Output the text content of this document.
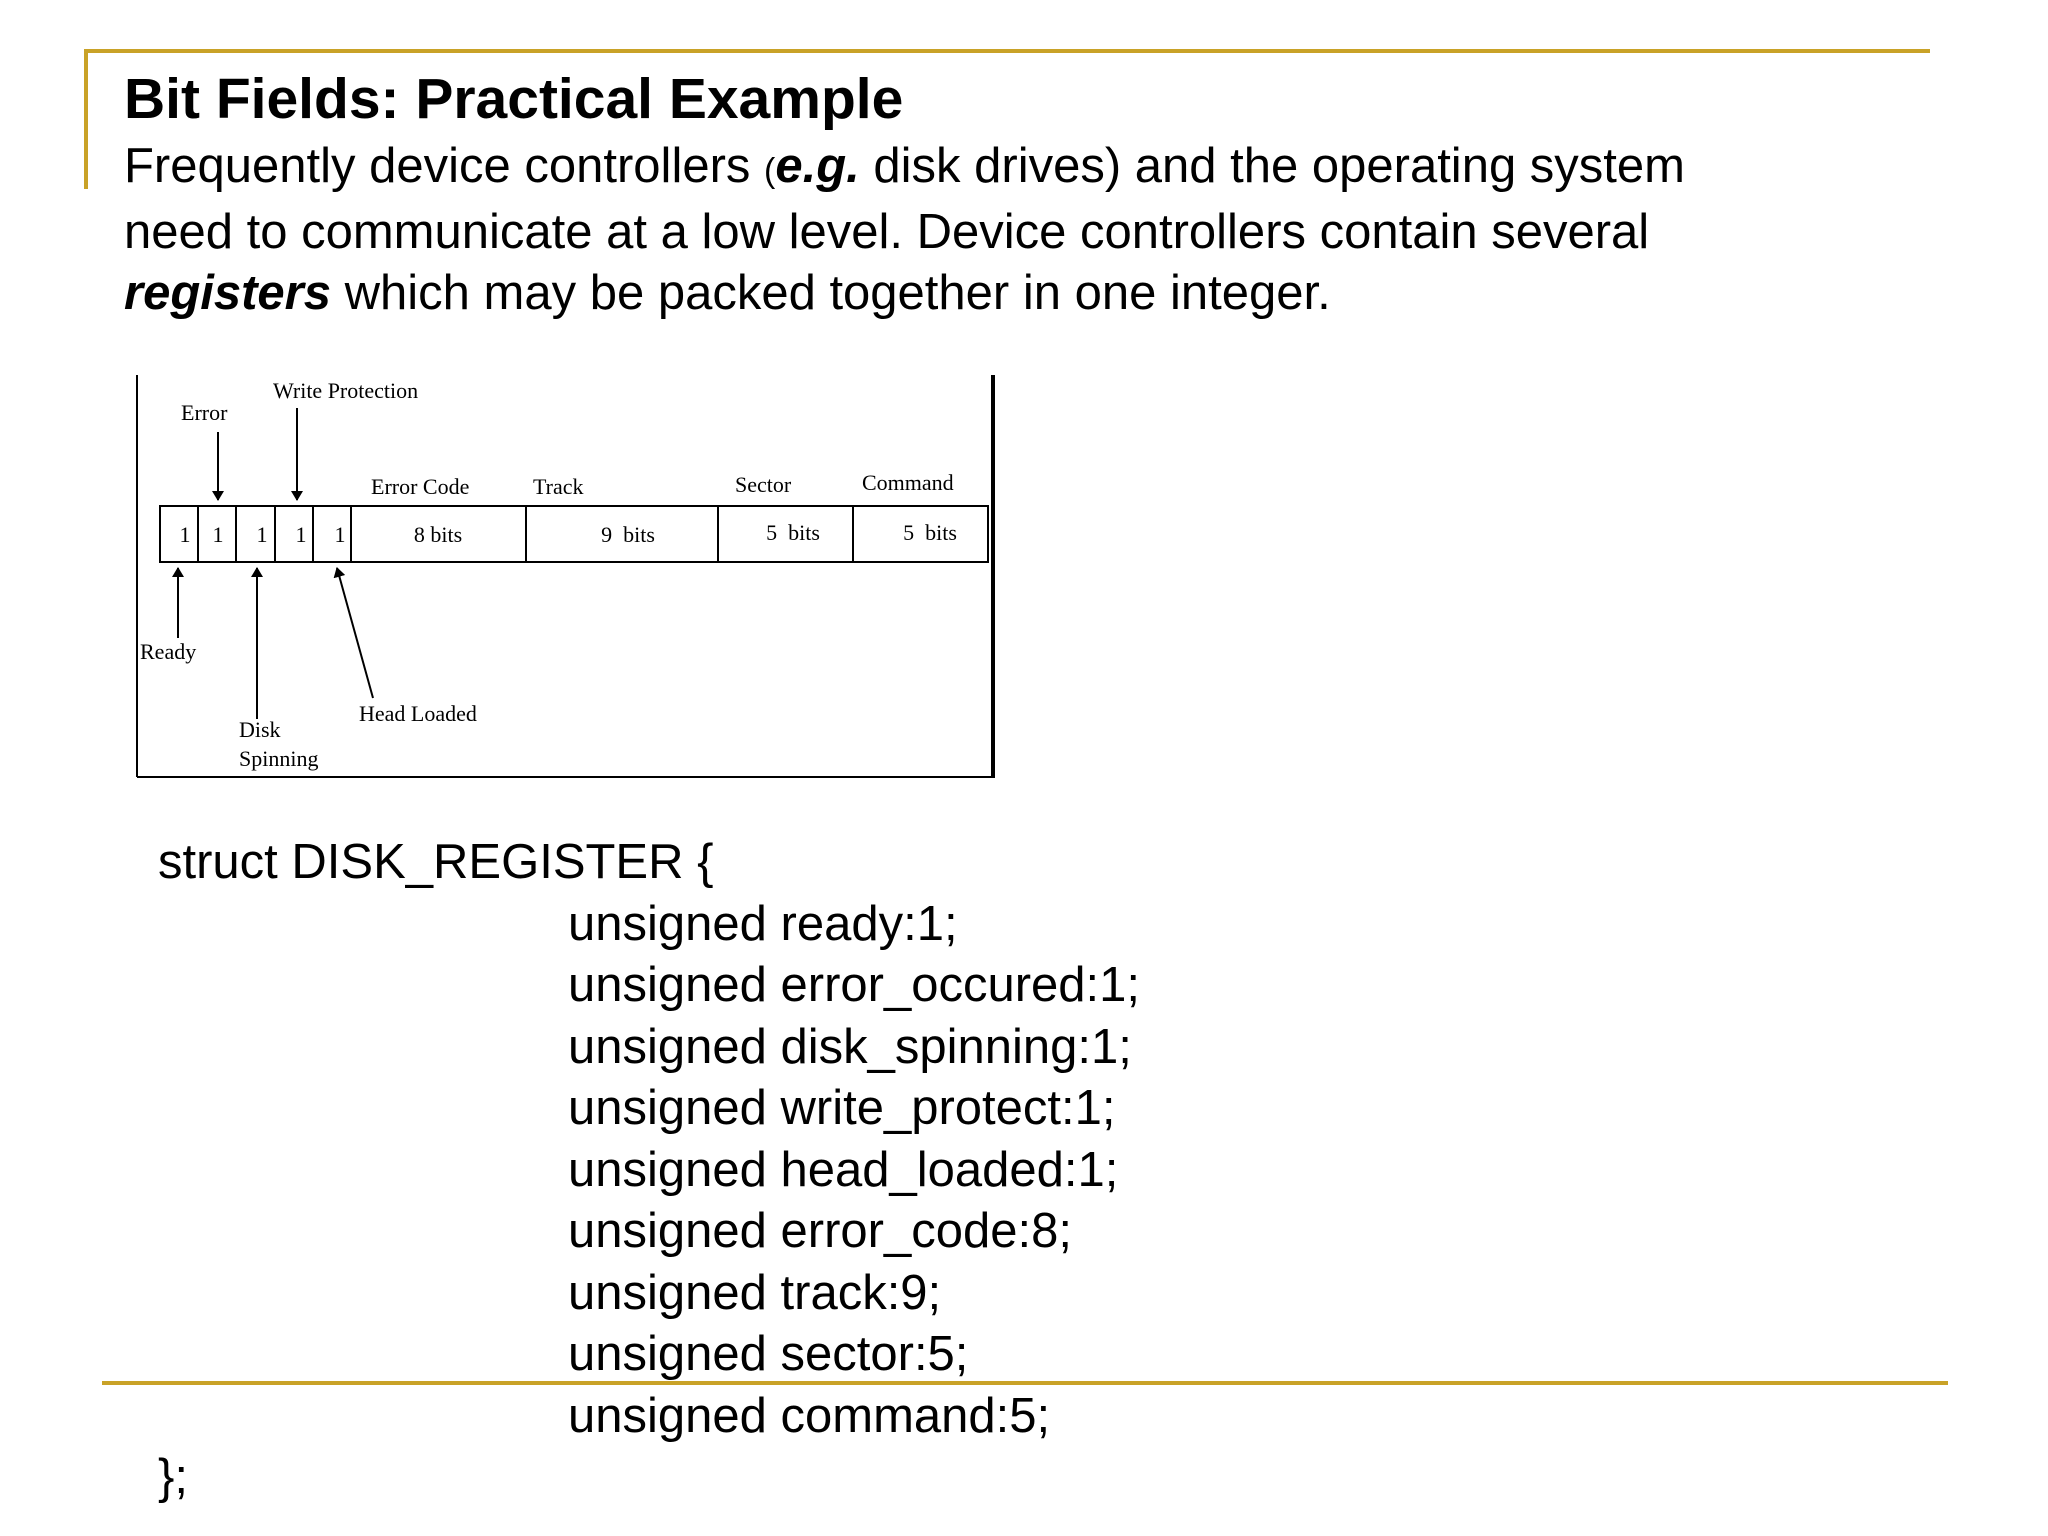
Bit Fields: Practical Example

Frequently device controllers (e.g. disk drives) and the operating system
need to communicate at a low level. Device controllers contain several
registers which may be packed together in one integer.

1 1 1 1 1	8 bits	9  bits	5  bits	5  bits
Error
Write Protection
Error Code	Track	Sector	Command
Ready
Disk
Spinning
Head Loaded
struct DISK_REGISTER {
unsigned ready:1;
unsigned error_occured:1;
unsigned disk_spinning:1;
unsigned write_protect:1;
unsigned head_loaded:1;
unsigned error_code:8;
unsigned track:9;
unsigned sector:5;
unsigned command:5;
};
